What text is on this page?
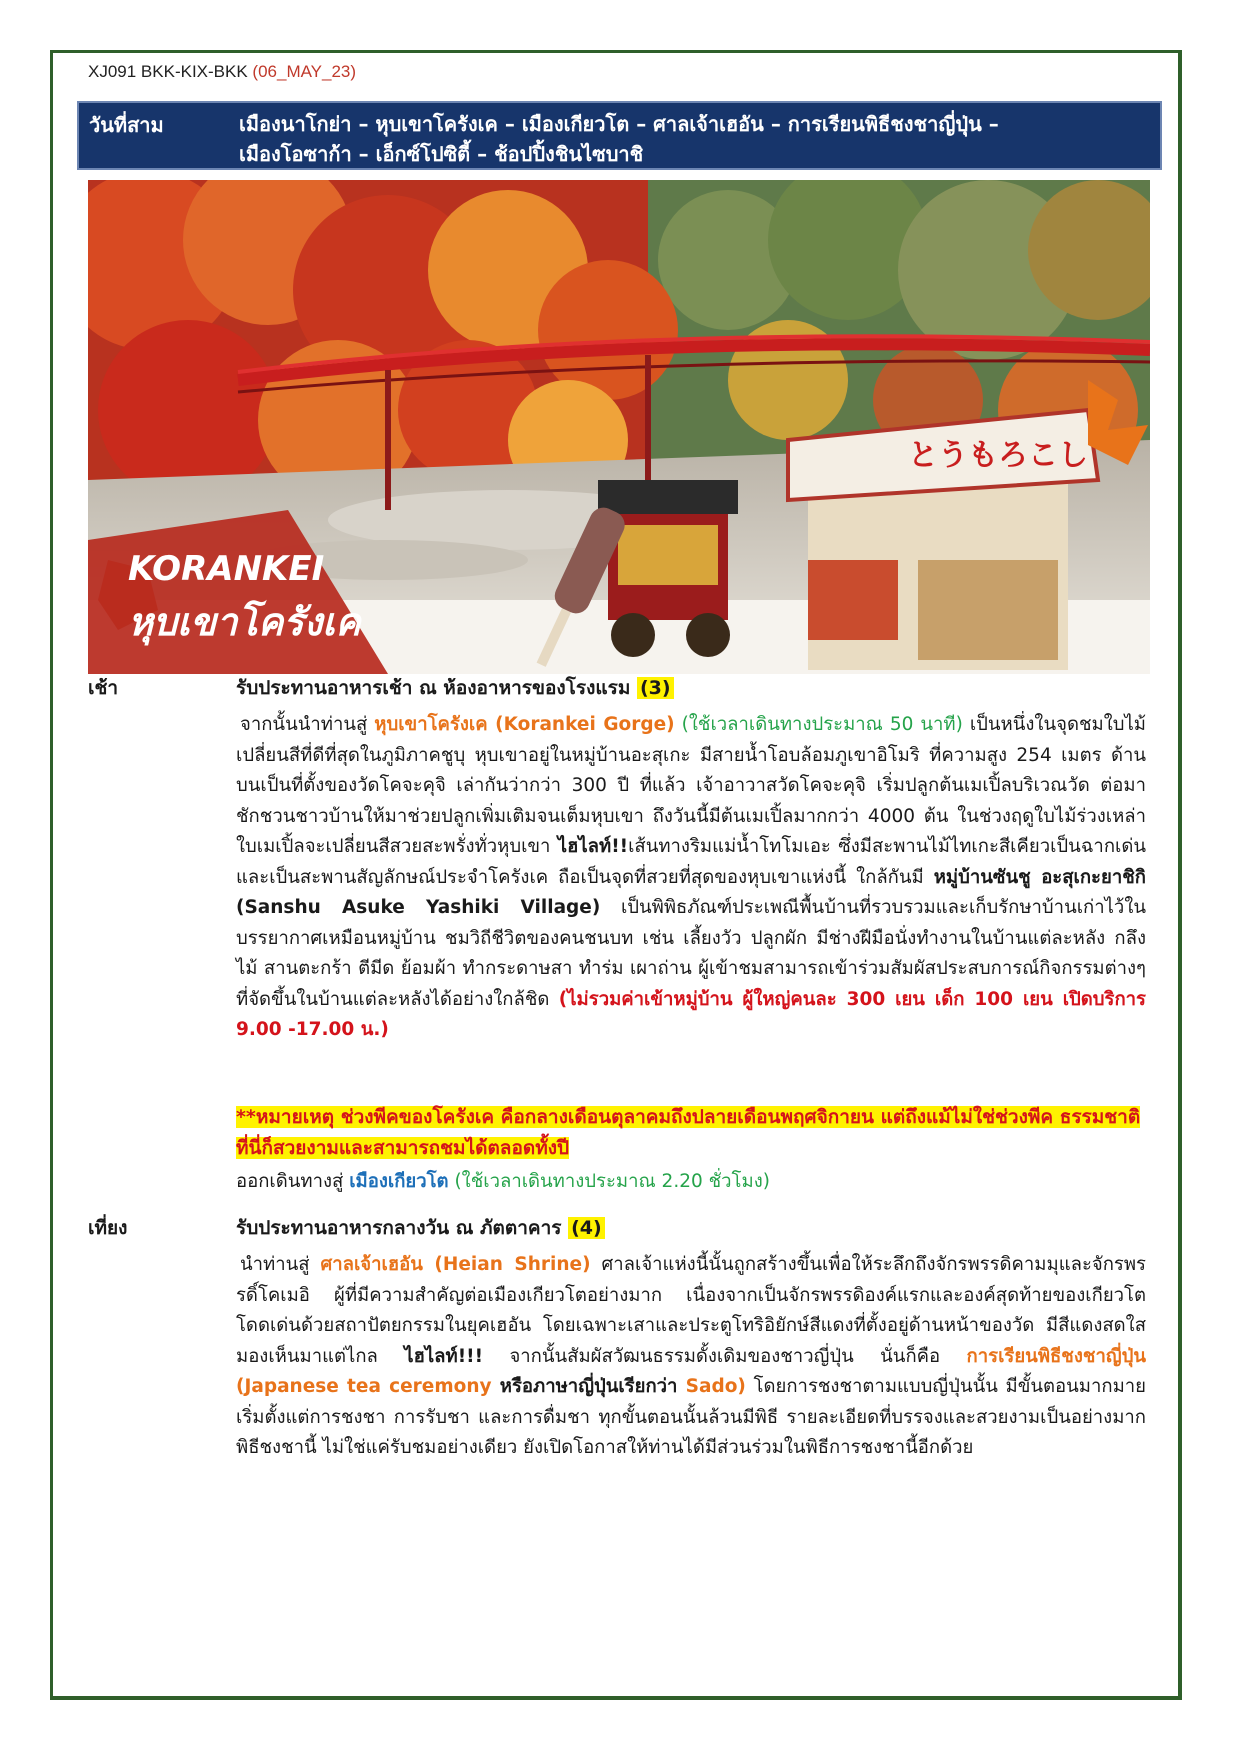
XJ091 BKK-KIX-BKK (06_MAY_23)
วันที่สาม	เมืองนาโกย่า – หุบเขาโครังเค – เมืองเกียวโต – ศาลเจ้าเฮอัน – การเรียนพิธีชงชาญี่ปุ่น –
เมืองโอซาก้า – เอ็กซ์โปซิตี้ – ช้อปปิ้งชินไซบาชิ
とうもろこし
KORANKEI
หุบเขาโครังเค
เช้า	รับประทานอาหารเช้า ณ ห้องอาหารของโรงแรม (3)
จากนั้นนำท่านสู่ หุบเขาโครังเค (Korankei Gorge) (ใช้เวลาเดินทางประมาณ 50 นาที) เป็นหนึ่งในจุดชมใบไม้เปลี่ยนสีที่ดีที่สุดในภูมิภาคชูบุ หุบเขาอยู่ในหมู่บ้านอะสุเกะ มีสายน้ำโอบล้อมภูเขาอิโมริ ที่ความสูง 254 เมตร ด้านบนเป็นที่ตั้งของวัดโคจะคุจิ เล่ากันว่ากว่า 300 ปี ที่แล้ว เจ้าอาวาสวัดโคจะคุจิ เริ่มปลูกต้นเมเปิ้ลบริเวณวัด ต่อมาชักชวนชาวบ้านให้มาช่วยปลูกเพิ่มเติมจนเต็มหุบเขา ถึงวันนี้มีต้นเมเปิ้ลมากกว่า 4000 ต้น ในช่วงฤดูใบไม้ร่วงเหล่าใบเมเปิ้ลจะเปลี่ยนสีสวยสะพรั่งทั่วหุบเขา ไฮไลท์!!เส้นทางริมแม่น้ำโทโมเอะ ซึ่งมีสะพานไม้ไทเกะสีเคียวเป็นฉากเด่น และเป็นสะพานสัญลักษณ์ประจำโครังเค ถือเป็นจุดที่สวยที่สุดของหุบเขาแห่งนี้ ใกล้กันมี หมู่บ้านซันชู อะสุเกะยาชิกิ (Sanshu Asuke Yashiki Village) เป็นพิพิธภัณฑ์ประเพณีพื้นบ้านที่รวบรวมและเก็บรักษาบ้านเก่าไว้ในบรรยากาศเหมือนหมู่บ้าน ชมวิถีชีวิตของคนชนบท เช่น เลี้ยงวัว ปลูกผัก มีช่างฝีมือนั่งทำงานในบ้านแต่ละหลัง กลึงไม้ สานตะกร้า ตีมีด ย้อมผ้า ทำกระดาษสา ทำร่ม เผาถ่าน ผู้เข้าชมสามารถเข้าร่วมสัมผัสประสบการณ์กิจกรรมต่างๆ ที่จัดขึ้นในบ้านแต่ละหลังได้อย่างใกล้ชิด (ไม่รวมค่าเข้าหมู่บ้าน ผู้ใหญ่คนละ 300 เยน เด็ก 100 เยน เปิดบริการ 9.00 -17.00 น.)
**หมายเหตุ ช่วงพีคของโครังเค คือกลางเดือนตุลาคมถึงปลายเดือนพฤศจิกายน แต่ถึงแม้ไม่ใช่ช่วงพีค ธรรมชาติที่นี่ก็สวยงามและสามารถชมได้ตลอดทั้งปี
ออกเดินทางสู่ เมืองเกียวโต (ใช้เวลาเดินทางประมาณ 2.20 ชั่วโมง)
เที่ยง	รับประทานอาหารกลางวัน ณ ภัตตาคาร (4)
นำท่านสู่ ศาลเจ้าเฮอัน (Heian Shrine) ศาลเจ้าแห่งนี้นั้นถูกสร้างขึ้นเพื่อให้ระลึกถึงจักรพรรดิคามมุและจักรพรรดิ์โคเมอิ ผู้ที่มีความสำคัญต่อเมืองเกียวโตอย่างมาก เนื่องจากเป็นจักรพรรดิองค์แรกและองค์สุดท้ายของเกียวโต โดดเด่นด้วยสถาปัตยกรรมในยุคเฮอัน โดยเฉพาะเสาและประตูโทริอิยักษ์สีแดงที่ตั้งอยู่ด้านหน้าของวัด มีสีแดงสดใสมองเห็นมาแต่ไกล ไฮไลท์!!! จากนั้นสัมผัสวัฒนธรรมดั้งเดิมของชาวญี่ปุ่น นั่นก็คือ การเรียนพิธีชงชาญี่ปุ่น (Japanese tea ceremony หรือภาษาญี่ปุ่นเรียกว่า Sado) โดยการชงชาตามแบบญี่ปุ่นนั้น มีขั้นตอนมากมาย เริ่มตั้งแต่การชงชา การรับชา และการดื่มชา ทุกขั้นตอนนั้นล้วนมีพิธี รายละเอียดที่บรรจงและสวยงามเป็นอย่างมาก พิธีชงชานี้ ไม่ใช่แค่รับชมอย่างเดียว ยังเปิดโอกาสให้ท่านได้มีส่วนร่วมในพิธีการชงชานี้อีกด้วย
